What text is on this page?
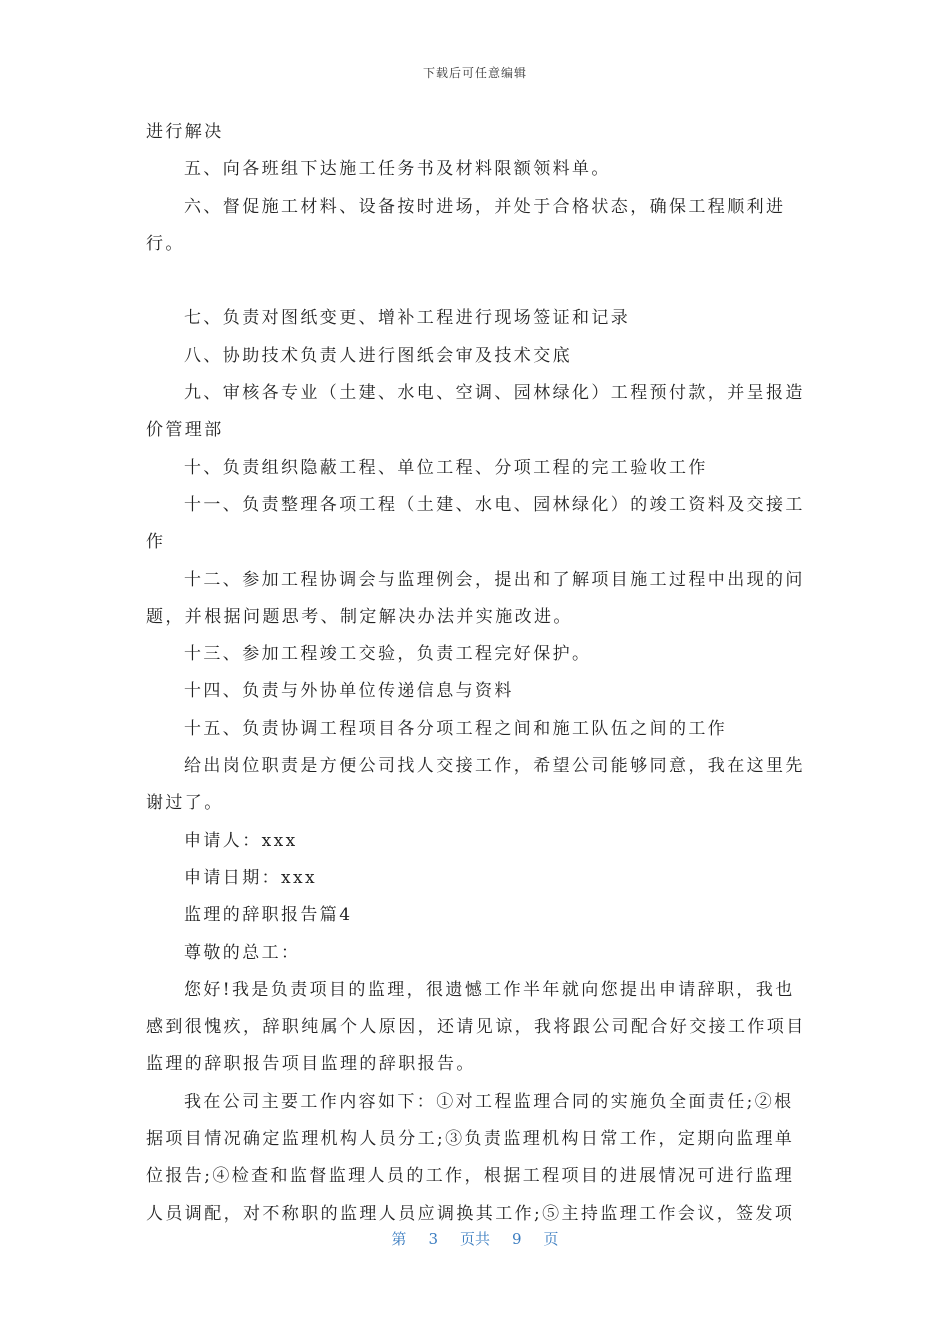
下载后可任意编辑

进行解决

五、向各班组下达施工任务书及材料限额领料单。

六、督促施工材料、设备按时进场，并处于合格状态，确保工程顺利进行。

七、负责对图纸变更、增补工程进行现场签证和记录

八、协助技术负责人进行图纸会审及技术交底

九、审核各专业（土建、水电、空调、园林绿化）工程预付款，并呈报造价管理部

十、负责组织隐蔽工程、单位工程、分项工程的完工验收工作

十一、负责整理各项工程（土建、水电、园林绿化）的竣工资料及交接工作

十二、参加工程协调会与监理例会，提出和了解项目施工过程中出现的问题，并根据问题思考、制定解决办法并实施改进。

十三、参加工程竣工交验，负责工程完好保护。

十四、负责与外协单位传递信息与资料

十五、负责协调工程项目各分项工程之间和施工队伍之间的工作

给出岗位职责是方便公司找人交接工作，希望公司能够同意，我在这里先谢过了。

申请人：xxx

申请日期：xxx

监理的辞职报告篇4

尊敬的总工：

您好!我是负责项目的监理，很遗憾工作半年就向您提出申请辞职，我也感到很愧疚，辞职纯属个人原因，还请见谅，我将跟公司配合好交接工作项目监理的辞职报告项目监理的辞职报告。

我在公司主要工作内容如下：①对工程监理合同的实施负全面责任;②根据项目情况确定监理机构人员分工;③负责监理机构日常工作，定期向监理单位报告;④检查和监督监理人员的工作，根据工程项目的进展情况可进行监理人员调配，对不称职的监理人员应调换其工作;⑤主持监理工作会议，签发项

第 3 页共 9 页
